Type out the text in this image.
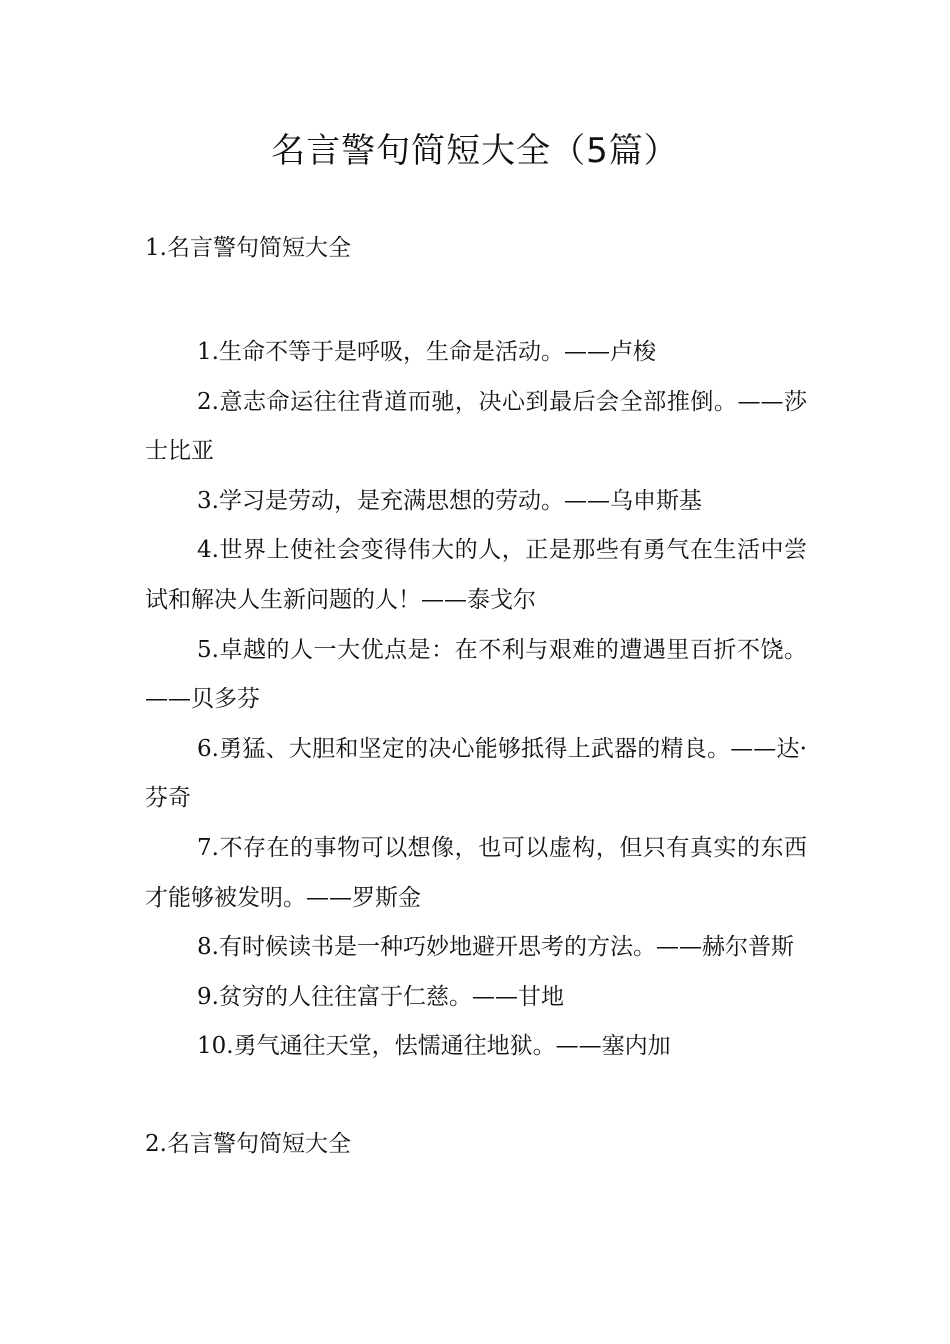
名言警句简短大全（5篇）
1.名言警句简短大全
1.生命不等于是呼吸，生命是活动。——卢梭
2.意志命运往往背道而驰，决心到最后会全部推倒。——莎士比亚
3.学习是劳动，是充满思想的劳动。——乌申斯基
4.世界上使社会变得伟大的人，正是那些有勇气在生活中尝试和解决人生新问题的人！——泰戈尔
5.卓越的人一大优点是：在不利与艰难的遭遇里百折不饶。——贝多芬
6.勇猛、大胆和坚定的决心能够抵得上武器的精良。——达·芬奇
7.不存在的事物可以想像，也可以虚构，但只有真实的东西才能够被发明。——罗斯金
8.有时候读书是一种巧妙地避开思考的方法。——赫尔普斯
9.贫穷的人往往富于仁慈。——甘地
10.勇气通往天堂，怯懦通往地狱。——塞内加
2.名言警句简短大全
